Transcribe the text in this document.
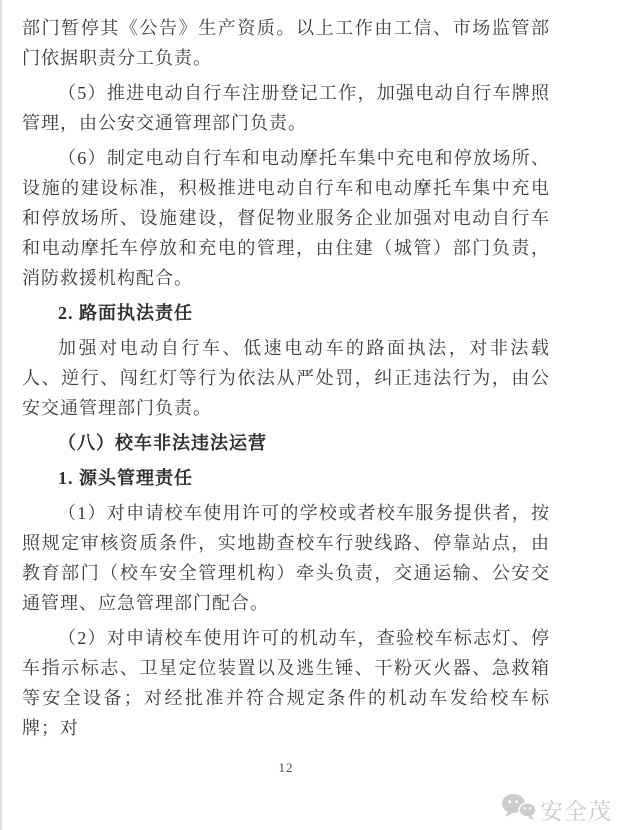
部门暂停其《公告》生产资质。以上工作由工信、市场监管部门依据职责分工负责。

（5）推进电动自行车注册登记工作，加强电动自行车牌照管理，由公安交通管理部门负责。

（6）制定电动自行车和电动摩托车集中充电和停放场所、设施的建设标准，积极推进电动自行车和电动摩托车集中充电和停放场所、设施建设，督促物业服务企业加强对电动自行车和电动摩托车停放和充电的管理，由住建（城管）部门负责，消防救援机构配合。

2. 路面执法责任

加强对电动自行车、低速电动车的路面执法，对非法载人、逆行、闯红灯等行为依法从严处罚，纠正违法行为，由公安交通管理部门负责。

（八）校车非法违法运营

1. 源头管理责任

（1）对申请校车使用许可的学校或者校车服务提供者，按照规定审核资质条件，实地勘查校车行驶线路、停靠站点，由教育部门（校车安全管理机构）牵头负责，交通运输、公安交通管理、应急管理部门配合。

（2）对申请校车使用许可的机动车，查验校车标志灯、停车指示标志、卫星定位装置以及逃生锤、干粉灭火器、急救箱等安全设备；对经批准并符合规定条件的机动车发给校车标牌；对

12
安全茂
